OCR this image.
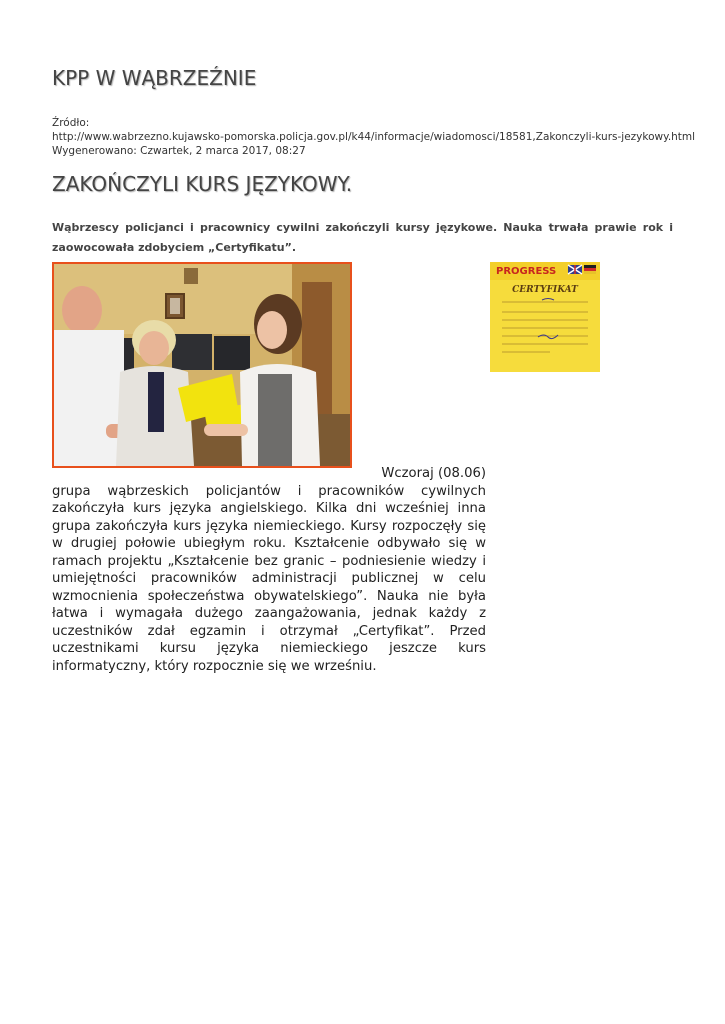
KPP W WĄBRZEŹNIE
Źródło:
http://www.wabrzezno.kujawsko-pomorska.policja.gov.pl/k44/informacje/wiadomosci/18581,Zakonczyli-kurs-jezykowy.html
Wygenerowano: Czwartek, 2 marca 2017, 08:27
ZAKOŃCZYLI KURS JĘZYKOWY.

Wąbrzescy policjanci i pracownicy cywilni zakończyli kursy językowe. Nauka trwała prawie rok i zaowocowała zdobyciem „Certyfikatu”.

PROGRESS
CERTYFIKAT
Wczoraj (08.06)
grupa wąbrzeskich policjantów i pracowników cywilnych zakończyła kurs języka angielskiego. Kilka dni wcześniej inna grupa zakończyła kurs języka niemieckiego. Kursy rozpoczęły się w drugiej połowie ubiegłym roku. Kształcenie odbywało się w ramach projektu „Kształcenie bez granic – podniesienie wiedzy i umiejętności pracowników administracji publicznej w celu wzmocnienia społeczeństwa obywatelskiego”. Nauka nie była łatwa i wymagała dużego zaangażowania, jednak każdy z uczestników zdał egzamin i otrzymał „Certyfikat”. Przed uczestnikami kursu języka niemieckiego jeszcze kurs informatyczny, który rozpocznie się we wrześniu.
